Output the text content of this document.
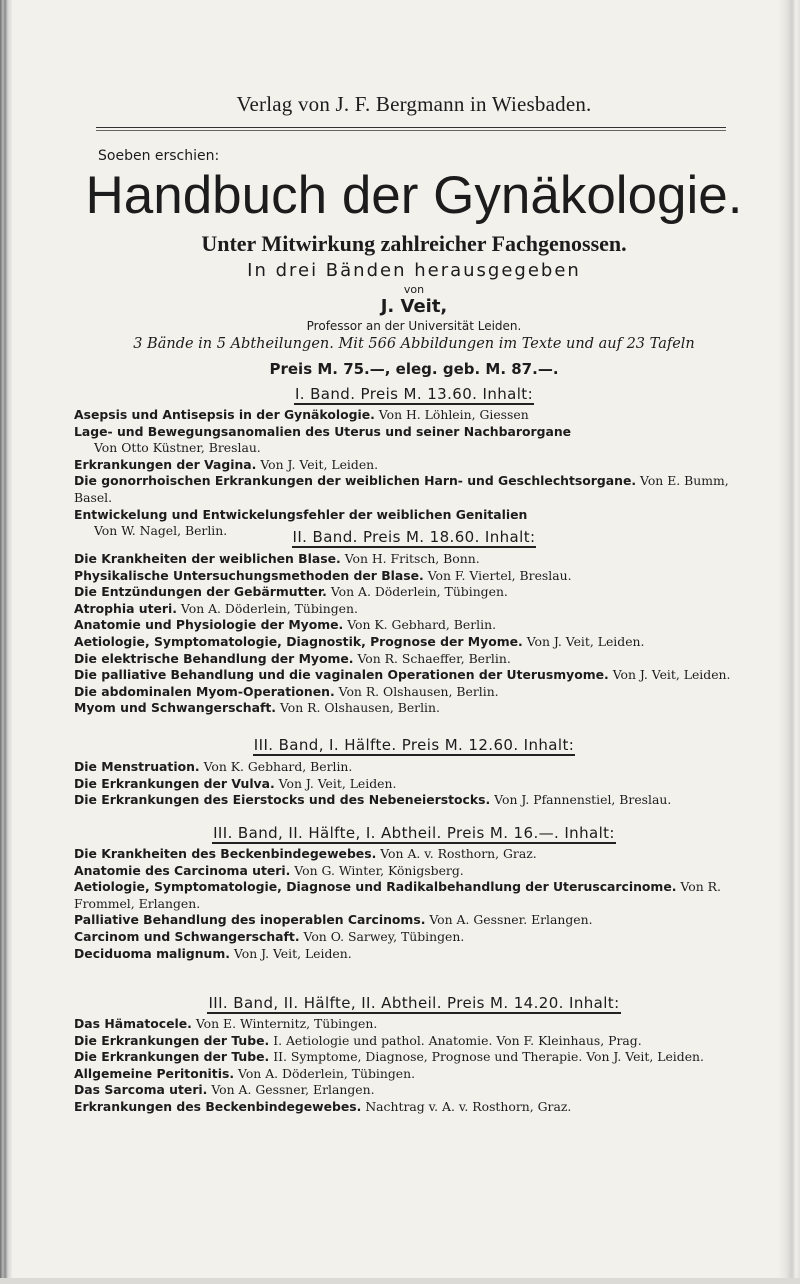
Verlag von J. F. Bergmann in Wiesbaden.
Soeben erschien:
Handbuch der Gynäkologie.
Unter Mitwirkung zahlreicher Fachgenossen.
In drei Bänden herausgegeben
von
J. Veit,
Professor an der Universität Leiden.
3 Bände in 5 Abtheilungen. Mit 566 Abbildungen im Texte und auf 23 Tafeln
Preis M. 75.—, eleg. geb. M. 87.—.
I. Band. Preis M. 13.60. Inhalt:
Asepsis und Antisepsis in der Gynäkologie. Von H. Löhlein, Giessen
Lage- und Bewegungsanomalien des Uterus und seiner Nachbarorgane
Von Otto Küstner, Breslau.
Erkrankungen der Vagina. Von J. Veit, Leiden.
Die gonorrhoischen Erkrankungen der weiblichen Harn- und Geschlechtsorgane. Von E. Bumm, Basel.
Entwickelung und Entwickelungsfehler der weiblichen Genitalien
Von W. Nagel, Berlin.	II. Band. Preis M. 18.60. Inhalt:
Die Krankheiten der weiblichen Blase. Von H. Fritsch, Bonn.
Physikalische Untersuchungsmethoden der Blase. Von F. Viertel, Breslau.
Die Entzündungen der Gebärmutter. Von A. Döderlein, Tübingen.
Atrophia uteri. Von A. Döderlein, Tübingen.
Anatomie und Physiologie der Myome. Von K. Gebhard, Berlin.
Aetiologie, Symptomatologie, Diagnostik, Prognose der Myome. Von J. Veit, Leiden.
Die elektrische Behandlung der Myome. Von R. Schaeffer, Berlin.
Die palliative Behandlung und die vaginalen Operationen der Uterusmyome. Von J. Veit, Leiden.
Die abdominalen Myom-Operationen. Von R. Olshausen, Berlin.
Myom und Schwangerschaft. Von R. Olshausen, Berlin.
III. Band, I. Hälfte. Preis M. 12.60. Inhalt:
Die Menstruation. Von K. Gebhard, Berlin.
Die Erkrankungen der Vulva. Von J. Veit, Leiden.
Die Erkrankungen des Eierstocks und des Nebeneierstocks. Von J. Pfannenstiel, Breslau.
III. Band, II. Hälfte, I. Abtheil. Preis M. 16.—. Inhalt:
Die Krankheiten des Beckenbindegewebes. Von A. v. Rosthorn, Graz.
Anatomie des Carcinoma uteri. Von G. Winter, Königsberg.
Aetiologie, Symptomatologie, Diagnose und Radikalbehandlung der Uteruscarcinome. Von R. Frommel, Erlangen.
Palliative Behandlung des inoperablen Carcinoms. Von A. Gessner. Erlangen.
Carcinom und Schwangerschaft. Von O. Sarwey, Tübingen.
Deciduoma malignum. Von J. Veit, Leiden.
III. Band, II. Hälfte, II. Abtheil. Preis M. 14.20. Inhalt:
Das Hämatocele. Von E. Winternitz, Tübingen.
Die Erkrankungen der Tube. I. Aetiologie und pathol. Anatomie. Von F. Kleinhaus, Prag.
Die Erkrankungen der Tube. II. Symptome, Diagnose, Prognose und Therapie. Von J. Veit, Leiden.
Allgemeine Peritonitis. Von A. Döderlein, Tübingen.
Das Sarcoma uteri. Von A. Gessner, Erlangen.
Erkrankungen des Beckenbindegewebes. Nachtrag v. A. v. Rosthorn, Graz.
